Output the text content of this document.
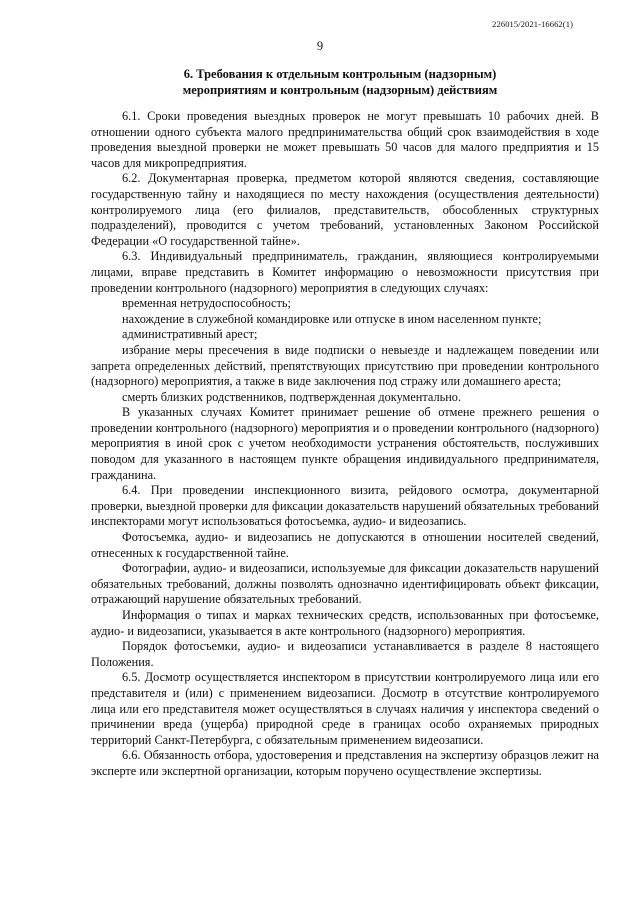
226015/2021-16662(1)
9
6. Требования к отдельным контрольным (надзорным)
мероприятиям и контрольным (надзорным) действиям

6.1. Сроки проведения выездных проверок не могут превышать 10 рабочих дней. В отношении одного субъекта малого предпринимательства общий срок взаимодействия в ходе проведения выездной проверки не может превышать 50 часов для малого предприятия и 15 часов для микропредприятия.

6.2. Документарная проверка, предметом которой являются сведения, составляющие государственную тайну и находящиеся по месту нахождения (осуществления деятельности) контролируемого лица (его филиалов, представительств, обособленных структурных подразделений), проводится с учетом требований, установленных Законом Российской Федерации «О государственной тайне».

6.3. Индивидуальный предприниматель, гражданин, являющиеся контролируемыми лицами, вправе представить в Комитет информацию о невозможности присутствия при проведении контрольного (надзорного) мероприятия в следующих случаях:

временная нетрудоспособность;

нахождение в служебной командировке или отпуске в ином населенном пункте;

административный арест;

избрание меры пресечения в виде подписки о невыезде и надлежащем поведении или запрета определенных действий, препятствующих присутствию при проведении контрольного (надзорного) мероприятия, а также в виде заключения под стражу или домашнего ареста;

смерть близких родственников, подтвержденная документально.

В указанных случаях Комитет принимает решение об отмене прежнего решения о проведении контрольного (надзорного) мероприятия и о проведении контрольного (надзорного) мероприятия в иной срок с учетом необходимости устранения обстоятельств, послуживших поводом для указанного в настоящем пункте обращения индивидуального предпринимателя, гражданина.

6.4. При проведении инспекционного визита, рейдового осмотра, документарной проверки, выездной проверки для фиксации доказательств нарушений обязательных требований инспекторами могут использоваться фотосъемка, аудио- и видеозапись.

Фотосъемка, аудио- и видеозапись не допускаются в отношении носителей сведений, отнесенных к государственной тайне.

Фотографии, аудио- и видеозаписи, используемые для фиксации доказательств нарушений обязательных требований, должны позволять однозначно идентифицировать объект фиксации, отражающий нарушение обязательных требований.

Информация о типах и марках технических средств, использованных при фотосъемке, аудио- и видеозаписи, указывается в акте контрольного (надзорного) мероприятия.

Порядок фотосъемки, аудио- и видеозаписи устанавливается в разделе 8 настоящего Положения.

6.5. Досмотр осуществляется инспектором в присутствии контролируемого лица или его представителя и (или) с применением видеозаписи. Досмотр в отсутствие контролируемого лица или его представителя может осуществляться в случаях наличия у инспектора сведений о причинении вреда (ущерба) природной среде в границах особо охраняемых природных территорий Санкт-Петербурга, с обязательным применением видеозаписи.

6.6. Обязанность отбора, удостоверения и представления на экспертизу образцов лежит на эксперте или экспертной организации, которым поручено осуществление экспертизы.
